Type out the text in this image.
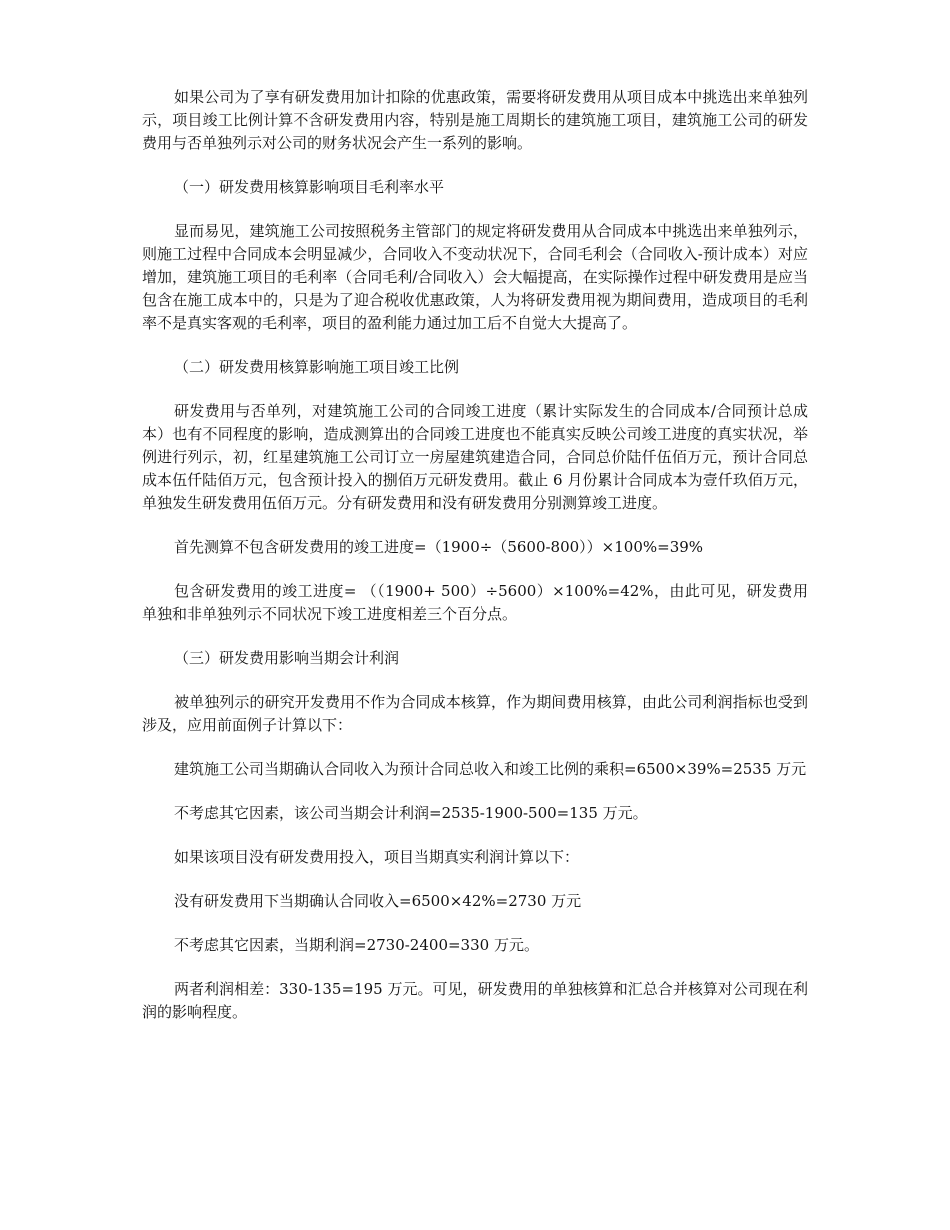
如果公司为了享有研发费用加计扣除的优惠政策，需要将研发费用从项目成本中挑选出来单独列示，项目竣工比例计算不含研发费用内容，特别是施工周期长的建筑施工项目，建筑施工公司的研发费用与否单独列示对公司的财务状况会产生一系列的影响。

（一）研发费用核算影响项目毛利率水平

显而易见，建筑施工公司按照税务主管部门的规定将研发费用从合同成本中挑选出来单独列示，则施工过程中合同成本会明显减少，合同收入不变动状况下，合同毛利会（合同收入-预计成本）对应增加，建筑施工项目的毛利率（合同毛利/合同收入）会大幅提高，在实际操作过程中研发费用是应当包含在施工成本中的，只是为了迎合税收优惠政策，人为将研发费用视为期间费用，造成项目的毛利率不是真实客观的毛利率，项目的盈利能力通过加工后不自觉大大提高了。

（二）研发费用核算影响施工项目竣工比例

研发费用与否单列，对建筑施工公司的合同竣工进度（累计实际发生的合同成本/合同预计总成本）也有不同程度的影响，造成测算出的合同竣工进度也不能真实反映公司竣工进度的真实状况，举例进行列示，初，红星建筑施工公司订立一房屋建筑建造合同，合同总价陆仟伍佰万元，预计合同总成本伍仟陆佰万元，包含预计投入的捌佰万元研发费用。截止 6 月份累计合同成本为壹仟玖佰万元，单独发生研发费用伍佰万元。分有研发费用和没有研发费用分别测算竣工进度。

首先测算不包含研发费用的竣工进度=（1900÷（5600-800））×100%=39%

包含研发费用的竣工进度= （（1900+ 500）÷5600）×100%=42%，由此可见，研发费用单独和非单独列示不同状况下竣工进度相差三个百分点。

（三）研发费用影响当期会计利润

被单独列示的研究开发费用不作为合同成本核算，作为期间费用核算，由此公司利润指标也受到涉及，应用前面例子计算以下：

建筑施工公司当期确认合同收入为预计合同总收入和竣工比例的乘积=6500×39%=2535 万元

不考虑其它因素，该公司当期会计利润=2535-1900-500=135 万元。

如果该项目没有研发费用投入，项目当期真实利润计算以下：

没有研发费用下当期确认合同收入=6500×42%=2730 万元

不考虑其它因素，当期利润=2730-2400=330 万元。

两者利润相差：330-135=195 万元。可见，研发费用的单独核算和汇总合并核算对公司现在利润的影响程度。
